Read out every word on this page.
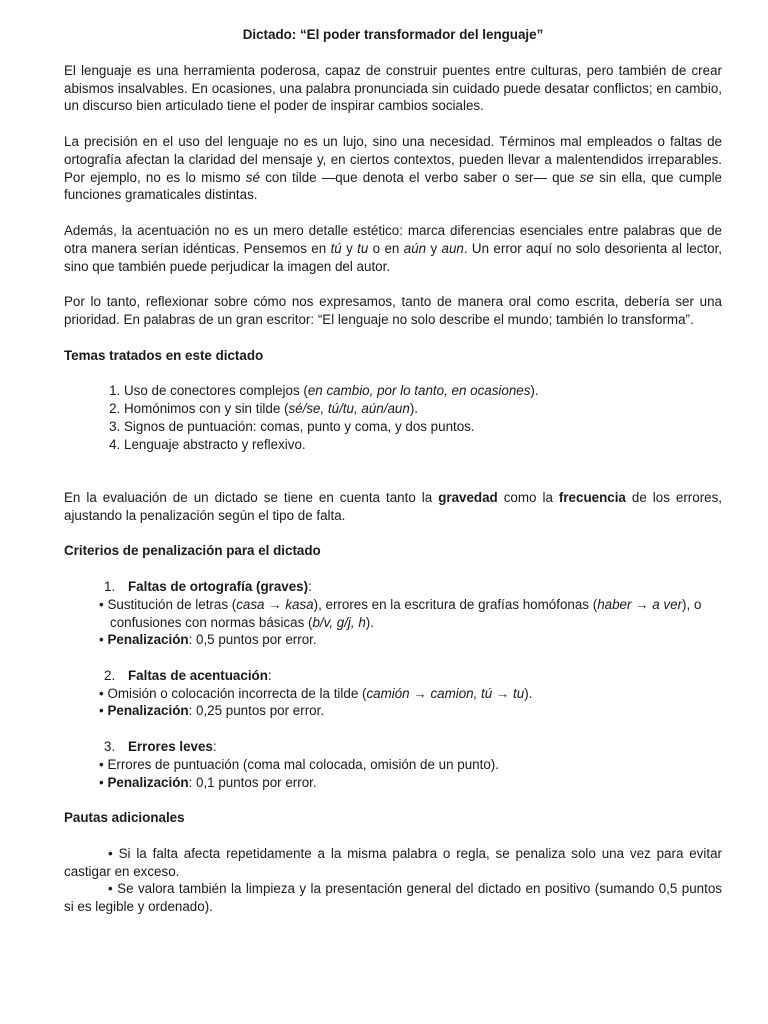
Dictado: “El poder transformador del lenguaje”

El lenguaje es una herramienta poderosa, capaz de construir puentes entre culturas, pero también de crear abismos insalvables. En ocasiones, una palabra pronunciada sin cuidado puede desatar conflictos; en cambio, un discurso bien articulado tiene el poder de inspirar cambios sociales.

La precisión en el uso del lenguaje no es un lujo, sino una necesidad. Términos mal empleados o faltas de ortografía afectan la claridad del mensaje y, en ciertos contextos, pueden llevar a malentendidos irreparables. Por ejemplo, no es lo mismo sé con tilde —que denota el verbo saber o ser— que se sin ella, que cumple funciones gramaticales distintas.

Además, la acentuación no es un mero detalle estético: marca diferencias esenciales entre palabras que de otra manera serían idénticas. Pensemos en tú y tu o en aún y aun. Un error aquí no solo desorienta al lector, sino que también puede perjudicar la imagen del autor.

Por lo tanto, reflexionar sobre cómo nos expresamos, tanto de manera oral como escrita, debería ser una prioridad. En palabras de un gran escritor: “El lenguaje no solo describe el mundo; también lo transforma”.

Temas tratados en este dictado
1. Uso de conectores complejos (en cambio, por lo tanto, en ocasiones).
2. Homónimos con y sin tilde (sé/se, tú/tu, aún/aun).
3. Signos de puntuación: comas, punto y coma, y dos puntos.
4. Lenguaje abstracto y reflexivo.

En la evaluación de un dictado se tiene en cuenta tanto la gravedad como la frecuencia de los errores, ajustando la penalización según el tipo de falta.

Criterios de penalización para el dictado
1. Faltas de ortografía (graves):

• Sustitución de letras (casa → kasa), errores en la escritura de grafías homófonas (haber → a ver), o confusiones con normas básicas (b/v, g/j, h).

• Penalización: 0,5 puntos por error.

2. Faltas de acentuación:

• Omisión o colocación incorrecta de la tilde (camión → camion, tú → tu).

• Penalización: 0,25 puntos por error.

3. Errores leves:

• Errores de puntuación (coma mal colocada, omisión de un punto).

• Penalización: 0,1 puntos por error.

Pautas adicionales

• Si la falta afecta repetidamente a la misma palabra o regla, se penaliza solo una vez para evitar castigar en exceso.

• Se valora también la limpieza y la presentación general del dictado en positivo (sumando 0,5 puntos si es legible y ordenado).
